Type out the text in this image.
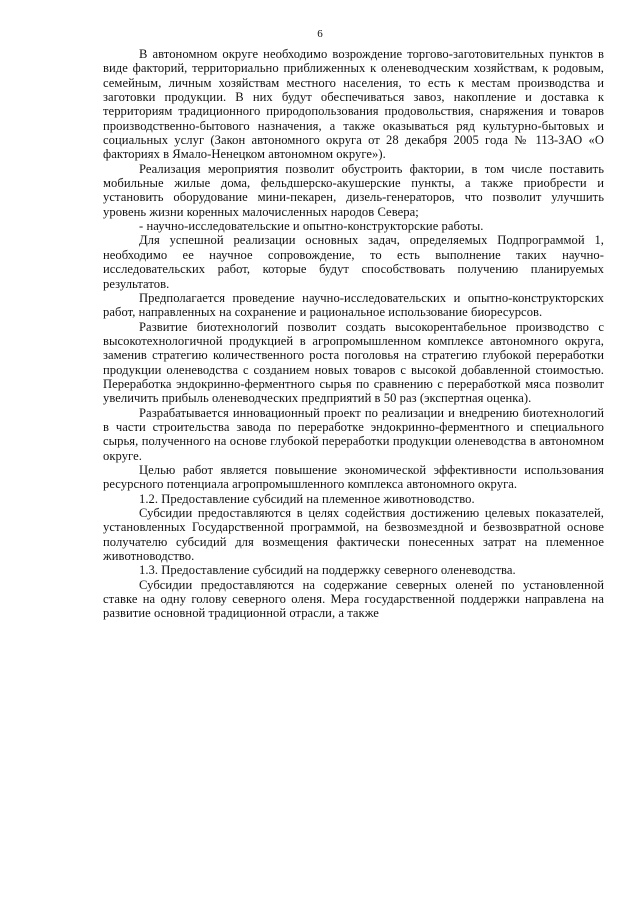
6

В автономном округе необходимо возрождение торгово-заготовительных пунктов в виде факторий, территориально приближенных к оленеводческим хозяйствам, к родовым, семейным, личным хозяйствам местного населения, то есть к местам производства и заготовки продукции. В них будут обеспечиваться завоз, накопление и доставка к территориям традиционного природопользования продовольствия, снаряжения и товаров производственно-бытового назначения, а также оказываться ряд культурно-бытовых и социальных услуг (Закон автономного округа от 28 декабря 2005 года № 113-ЗАО «О факториях в Ямало-Ненецком автономном округе»).

Реализация мероприятия позволит обустроить фактории, в том числе поставить мобильные жилые дома, фельдшерско-акушерские пункты, а также приобрести и установить оборудование мини-пекарен, дизель-генераторов, что позволит улучшить уровень жизни коренных малочисленных народов Севера;

- научно-исследовательские и опытно-конструкторские работы.

Для успешной реализации основных задач, определяемых Подпрограммой 1, необходимо ее научное сопровождение, то есть выполнение таких научно-исследовательских работ, которые будут способствовать получению планируемых результатов.

Предполагается проведение научно-исследовательских и опытно-конструкторских работ, направленных на сохранение и рациональное использование биоресурсов.

Развитие биотехнологий позволит создать высокорентабельное производство с высокотехнологичной продукцией в агропромышленном комплексе автономного округа, заменив стратегию количественного роста поголовья на стратегию глубокой переработки продукции оленеводства с созданием новых товаров с высокой добавленной стоимостью. Переработка эндокринно-ферментного сырья по сравнению с переработкой мяса позволит увеличить прибыль оленеводческих предприятий в 50 раз (экспертная оценка).

Разрабатывается инновационный проект по реализации и внедрению биотехнологий в части строительства завода по переработке эндокринно-ферментного и специального сырья, полученного на основе глубокой переработки продукции оленеводства в автономном округе.

Целью работ является повышение экономической эффективности использования ресурсного потенциала агропромышленного комплекса автономного округа.

1.2. Предоставление субсидий на племенное животноводство.

Субсидии предоставляются в целях содействия достижению целевых показателей, установленных Государственной программой, на безвозмездной и безвозвратной основе получателю субсидий для возмещения фактически понесенных затрат на племенное животноводство.

1.3. Предоставление субсидий на поддержку северного оленеводства.

Субсидии предоставляются на содержание северных оленей по установленной ставке на одну голову северного оленя. Мера государственной поддержки направлена на развитие основной традиционной отрасли, а также
